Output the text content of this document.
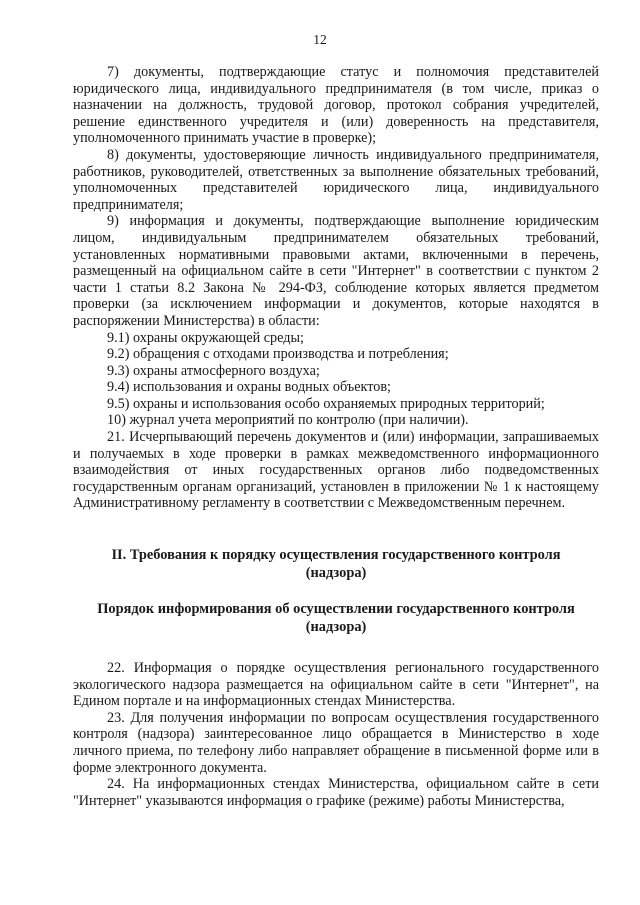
12

7) документы, подтверждающие статус и полномочия представителей юридического лица, индивидуального предпринимателя (в том числе, приказ о назначении на должность, трудовой договор, протокол собрания учредителей, решение единственного учредителя и (или) доверенность на представителя, уполномоченного принимать участие в проверке);

8) документы, удостоверяющие личность индивидуального предпринимателя, работников, руководителей, ответственных за выполнение обязательных требований, уполномоченных представителей юридического лица, индивидуального предпринимателя;

9) информация и документы, подтверждающие выполнение юридическим лицом, индивидуальным предпринимателем обязательных требований, установленных нормативными правовыми актами, включенными в перечень, размещенный на официальном сайте в сети "Интернет" в соответствии с пунктом 2 части 1 статьи 8.2 Закона № 294-ФЗ, соблюдение которых является предметом проверки (за исключением информации и документов, которые находятся в распоряжении Министерства) в области:

9.1) охраны окружающей среды;

9.2) обращения с отходами производства и потребления;

9.3) охраны атмосферного воздуха;

9.4) использования и охраны водных объектов;

9.5) охраны и использования особо охраняемых природных территорий;

10) журнал учета мероприятий по контролю (при наличии).

21. Исчерпывающий перечень документов и (или) информации, запрашиваемых и получаемых в ходе проверки в рамках межведомственного информационного взаимодействия от иных государственных органов либо подведомственных государственным органам организаций, установлен в приложении № 1 к настоящему Административному регламенту в соответствии с Межведомственным перечнем.

II. Требования к порядку осуществления государственного контроля (надзора)

Порядок информирования об осуществлении государственного контроля (надзора)

22. Информация о порядке осуществления регионального государственного экологического надзора размещается на официальном сайте в сети "Интернет", на Едином портале и на информационных стендах Министерства.

23. Для получения информации по вопросам осуществления государственного контроля (надзора) заинтересованное лицо обращается в Министерство в ходе личного приема, по телефону либо направляет обращение в письменной форме или в форме электронного документа.

24. На информационных стендах Министерства, официальном сайте в сети "Интернет" указываются информация о графике (режиме) работы Министерства,
